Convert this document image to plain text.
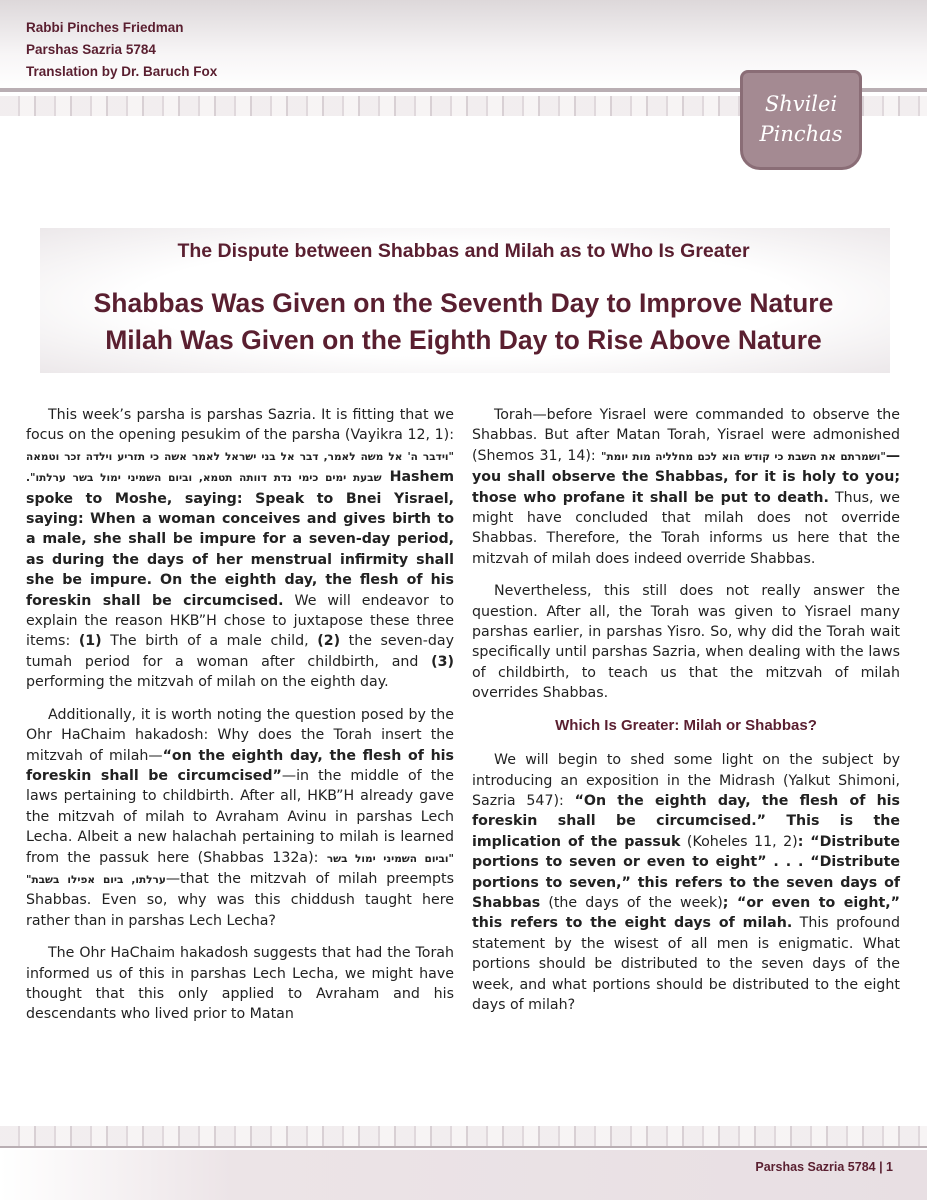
Rabbi Pinches Friedman
Parshas Sazria 5784
Translation by Dr. Baruch Fox
Shvilei Pinchas
The Dispute between Shabbas and Milah as to Who Is Greater
Shabbas Was Given on the Seventh Day to Improve Nature
Milah Was Given on the Eighth Day to Rise Above Nature

This week’s parsha is parshas Sazria. It is fitting that we focus on the opening pesukim of the parsha (Vayikra 12, 1): "וידבר ה' אל משה לאמר, דבר אל בני ישראל לאמר אשה כי תזריע וילדה זכר וטמאה שבעת ימים כימי נדת דוותה תטמא, וביום השמיני ימול בשר ערלתו". Hashem spoke to Moshe, saying: Speak to Bnei Yisrael, saying: When a woman conceives and gives birth to a male, she shall be impure for a seven-day period, as during the days of her menstrual infirmity shall she be impure. On the eighth day, the flesh of his foreskin shall be circumcised. We will endeavor to explain the reason HKB”H chose to juxtapose these three items: (1) The birth of a male child, (2) the seven-day tumah period for a woman after childbirth, and (3) performing the mitzvah of milah on the eighth day.

Additionally, it is worth noting the question posed by the Ohr HaChaim hakadosh: Why does the Torah insert the mitzvah of milah—“on the eighth day, the flesh of his foreskin shall be circumcised”—in the middle of the laws pertaining to childbirth. After all, HKB”H already gave the mitzvah of milah to Avraham Avinu in parshas Lech Lecha. Albeit a new halachah pertaining to milah is learned from the passuk here (Shabbas 132a): "וביום השמיני ימול בשר ערלתו, ביום אפילו בשבת"—that the mitzvah of milah preempts Shabbas. Even so, why was this chiddush taught here rather than in parshas Lech Lecha?

The Ohr HaChaim hakadosh suggests that had the Torah informed us of this in parshas Lech Lecha, we might have thought that this only applied to Avraham and his descendants who lived prior to Matan

Torah—before Yisrael were commanded to observe the Shabbas. But after Matan Torah, Yisrael were admonished (Shemos 31, 14): "ושמרתם את השבת כי קודש הוא לכם מחלליה מות יומת"—you shall observe the Shabbas, for it is holy to you; those who profane it shall be put to death. Thus, we might have concluded that milah does not override Shabbas. Therefore, the Torah informs us here that the mitzvah of milah does indeed override Shabbas.

Nevertheless, this still does not really answer the question. After all, the Torah was given to Yisrael many parshas earlier, in parshas Yisro. So, why did the Torah wait specifically until parshas Sazria, when dealing with the laws of childbirth, to teach us that the mitzvah of milah overrides Shabbas.

Which Is Greater: Milah or Shabbas?

We will begin to shed some light on the subject by introducing an exposition in the Midrash (Yalkut Shimoni, Sazria 547): “On the eighth day, the flesh of his foreskin shall be circumcised.” This is the implication of the passuk (Koheles 11, 2): “Distribute portions to seven or even to eight” . . . “Distribute portions to seven,” this refers to the seven days of Shabbas (the days of the week); “or even to eight,” this refers to the eight days of milah. This profound statement by the wisest of all men is enigmatic. What portions should be distributed to the seven days of the week, and what portions should be distributed to the eight days of milah?

Parshas Sazria 5784 | 1
